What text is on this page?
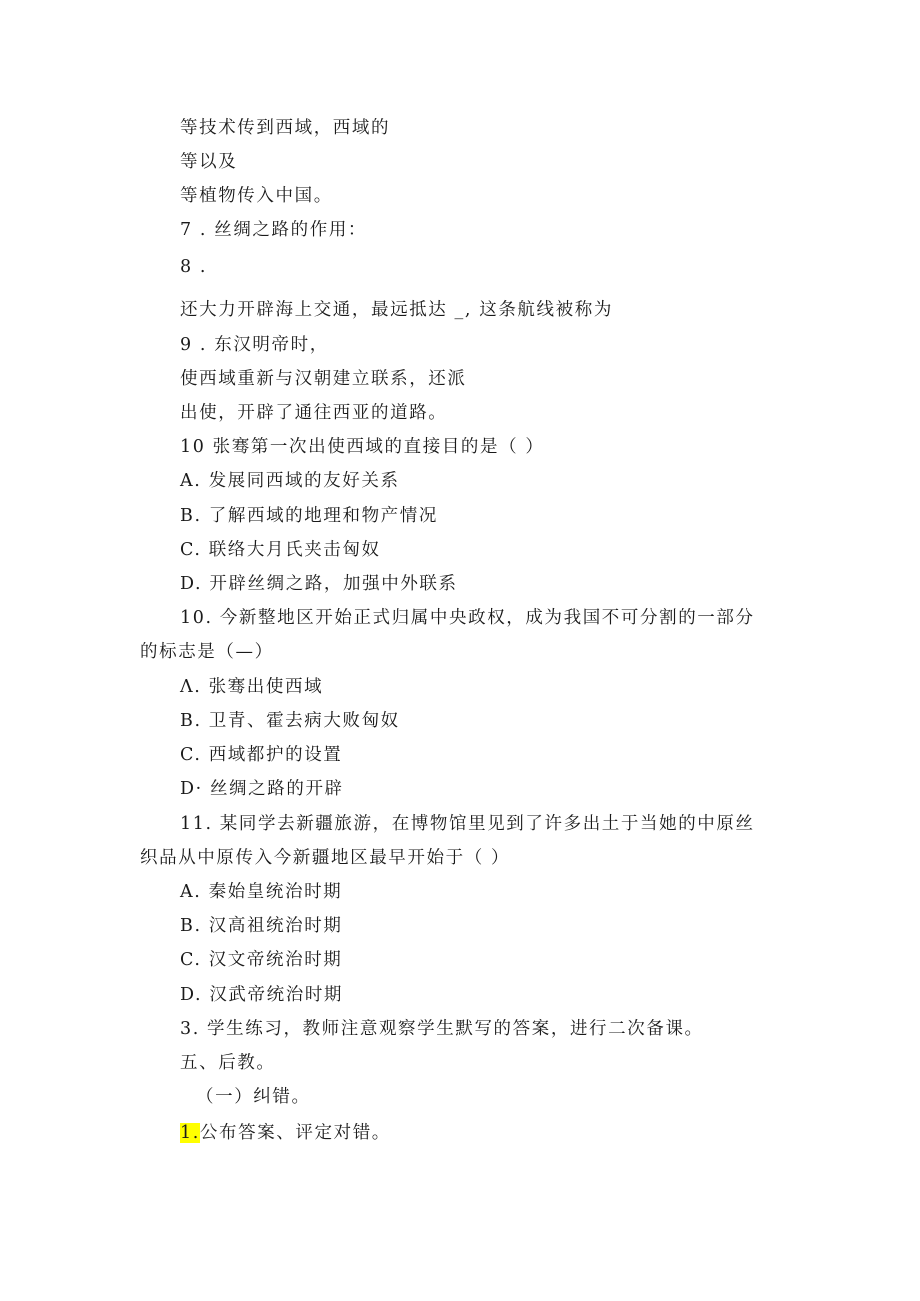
等技术传到西域，西域的
等以及
等植物传入中国。
7 . 丝绸之路的作用：
8 .
还大力开辟海上交通，最远抵达 _, 这条航线被称为
9 . 东汉明帝时，
使西域重新与汉朝建立联系，还派
出使，开辟了通往西亚的道路。
10 张骞第一次出使西域的直接目的是（ ）
A. 发展同西域的友好关系
B. 了解西域的地理和物产情况
C. 联络大月氏夹击匈奴
D. 开辟丝绸之路，加强中外联系
10. 今新整地区开始正式归属中央政权，成为我国不可分割的一部分
的标志是（—）
Λ. 张骞出使西域
B. 卫青、霍去病大败匈奴
C. 西域都护的设置
D· 丝绸之路的开辟
11. 某同学去新疆旅游，在博物馆里见到了许多出土于当她的中原丝
织品从中原传入今新疆地区最早开始于（ ）
A. 秦始皇统治时期
B. 汉高祖统治时期
C. 汉文帝统治时期
D. 汉武帝统治时期
3. 学生练习，教师注意观察学生默写的答案，进行二次备课。
五、后教。
（一）纠错。
1.公布答案、评定对错。
